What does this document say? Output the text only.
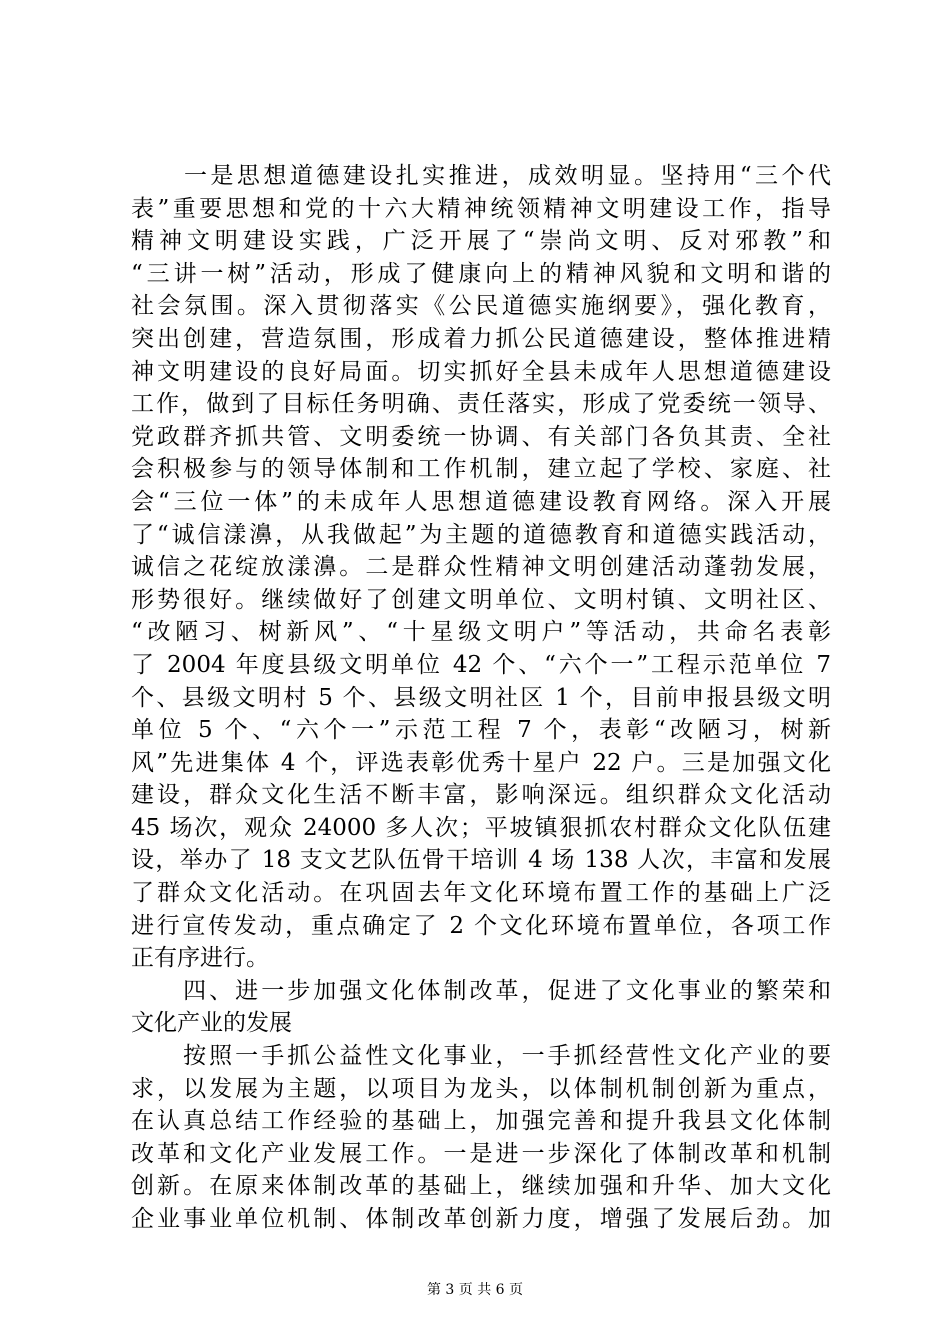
　　一是思想道德建设扎实推进，成效明显。坚持用“三个代
表”重要思想和党的十六大精神统领精神文明建设工作，指导
精神文明建设实践，广泛开展了“崇尚文明、反对邪教”和
“三讲一树”活动，形成了健康向上的精神风貌和文明和谐的
社会氛围。深入贯彻落实《公民道德实施纲要》，强化教育，
突出创建，营造氛围，形成着力抓公民道德建设，整体推进精
神文明建设的良好局面。切实抓好全县未成年人思想道德建设
工作，做到了目标任务明确、责任落实，形成了党委统一领导、
党政群齐抓共管、文明委统一协调、有关部门各负其责、全社
会积极参与的领导体制和工作机制，建立起了学校、家庭、社
会“三位一体”的未成年人思想道德建设教育网络。深入开展
了“诚信漾濞，从我做起”为主题的道德教育和道德实践活动，
诚信之花绽放漾濞。二是群众性精神文明创建活动蓬勃发展，
形势很好。继续做好了创建文明单位、文明村镇、文明社区、
“改陋习、树新风”、“十星级文明户”等活动，共命名表彰
了 2004 年度县级文明单位 42 个、“六个一”工程示范单位 7
个、县级文明村 5 个、县级文明社区 1 个，目前申报县级文明
单位 5 个、“六个一”示范工程 7 个，表彰“改陋习，树新
风”先进集体 4 个，评选表彰优秀十星户 22 户。三是加强文化
建设，群众文化生活不断丰富，影响深远。组织群众文化活动
45 场次，观众 24000 多人次；平坡镇狠抓农村群众文化队伍建
设，举办了 18 支文艺队伍骨干培训 4 场 138 人次，丰富和发展
了群众文化活动。在巩固去年文化环境布置工作的基础上广泛
进行宣传发动，重点确定了 2 个文化环境布置单位，各项工作
正有序进行。
　　四、进一步加强文化体制改革，促进了文化事业的繁荣和
文化产业的发展
　　按照一手抓公益性文化事业，一手抓经营性文化产业的要
求，以发展为主题，以项目为龙头，以体制机制创新为重点，
在认真总结工作经验的基础上，加强完善和提升我县文化体制
改革和文化产业发展工作。一是进一步深化了体制改革和机制
创新。在原来体制改革的基础上，继续加强和升华、加大文化
企业事业单位机制、体制改革创新力度，增强了发展后劲。加
第 3 页 共 6 页
